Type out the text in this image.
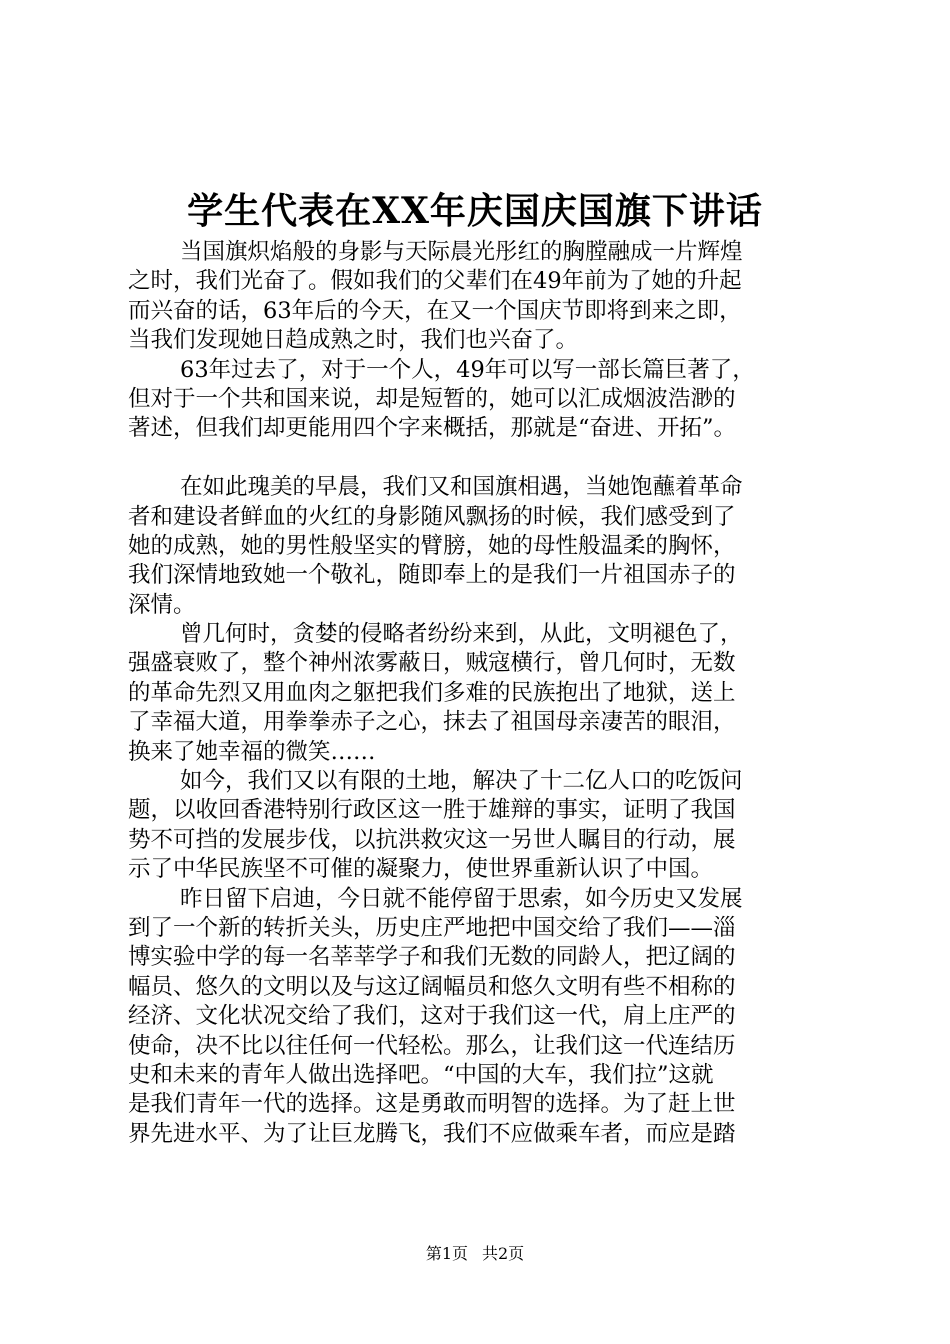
学生代表在XX年庆国庆国旗下讲话
当国旗炽焰般的身影与天际晨光彤红的胸膛融成一片辉煌
之时，我们光奋了。假如我们的父辈们在49年前为了她的升起
而兴奋的话，63年后的今天，在又一个国庆节即将到来之即，
当我们发现她日趋成熟之时，我们也兴奋了。
63年过去了，对于一个人，49年可以写一部长篇巨著了，
但对于一个共和国来说，却是短暂的，她可以汇成烟波浩渺的
著述，但我们却更能用四个字来概括，那就是“奋进、开拓”。
在如此瑰美的早晨，我们又和国旗相遇，当她饱蘸着革命
者和建设者鲜血的火红的身影随风飘扬的时候，我们感受到了
她的成熟，她的男性般坚实的臂膀，她的母性般温柔的胸怀，
我们深情地致她一个敬礼，随即奉上的是我们一片祖国赤子的
深情。
曾几何时，贪婪的侵略者纷纷来到，从此，文明褪色了，
强盛衰败了，整个神州浓雾蔽日，贼寇横行，曾几何时，无数
的革命先烈又用血肉之躯把我们多难的民族抱出了地狱，送上
了幸福大道，用拳拳赤子之心，抹去了祖国母亲凄苦的眼泪，
换来了她幸福的微笑……
如今，我们又以有限的土地，解决了十二亿人口的吃饭问
题，以收回香港特别行政区这一胜于雄辩的事实，证明了我国
势不可挡的发展步伐，以抗洪救灾这一另世人瞩目的行动，展
示了中华民族坚不可催的凝聚力，使世界重新认识了中国。
昨日留下启迪，今日就不能停留于思索，如今历史又发展
到了一个新的转折关头，历史庄严地把中国交给了我们——淄
博实验中学的每一名莘莘学子和我们无数的同龄人，把辽阔的
幅员、悠久的文明以及与这辽阔幅员和悠久文明有些不相称的
经济、文化状况交给了我们，这对于我们这一代，肩上庄严的
使命，决不比以往任何一代轻松。那么，让我们这一代连结历
史和未来的青年人做出选择吧。“中国的大车，我们拉”这就
是我们青年一代的选择。这是勇敢而明智的选择。为了赶上世
界先进水平、为了让巨龙腾飞，我们不应做乘车者，而应是踏
第1页 共2页
